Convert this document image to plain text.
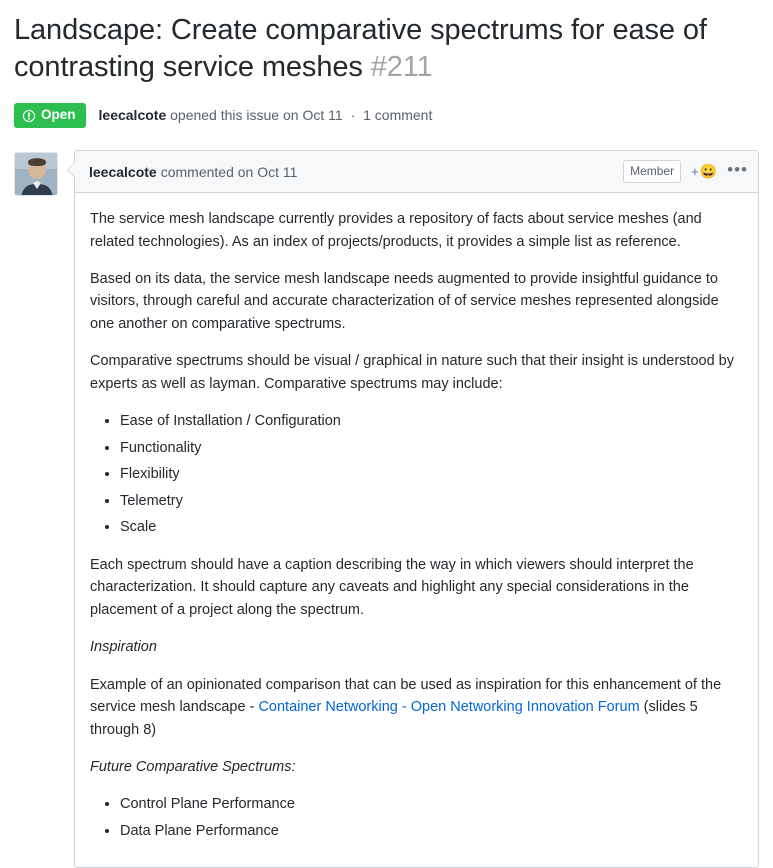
Landscape: Create comparative spectrums for ease of contrasting service meshes #211
Open leecalcote opened this issue on Oct 11 · 1 comment
leecalcote commented on Oct 11	Member	+ 😀 •••

The service mesh landscape currently provides a repository of facts about service meshes (and related technologies). As an index of projects/products, it provides a simple list as reference.

Based on its data, the service mesh landscape needs augmented to provide insightful guidance to visitors, through careful and accurate characterization of of service meshes represented alongside one another on comparative spectrums.

Comparative spectrums should be visual / graphical in nature such that their insight is understood by experts as well as layman. Comparative spectrums may include:

• Ease of Installation / Configuration
• Functionality
• Flexibility
• Telemetry
• Scale

Each spectrum should have a caption describing the way in which viewers should interpret the characterization. It should capture any caveats and highlight any special considerations in the placement of a project along the spectrum.

Inspiration

Example of an opinionated comparison that can be used as inspiration for this enhancement of the service mesh landscape - Container Networking - Open Networking Innovation Forum (slides 5 through 8)

Future Comparative Spectrums:

• Control Plane Performance
• Data Plane Performance
